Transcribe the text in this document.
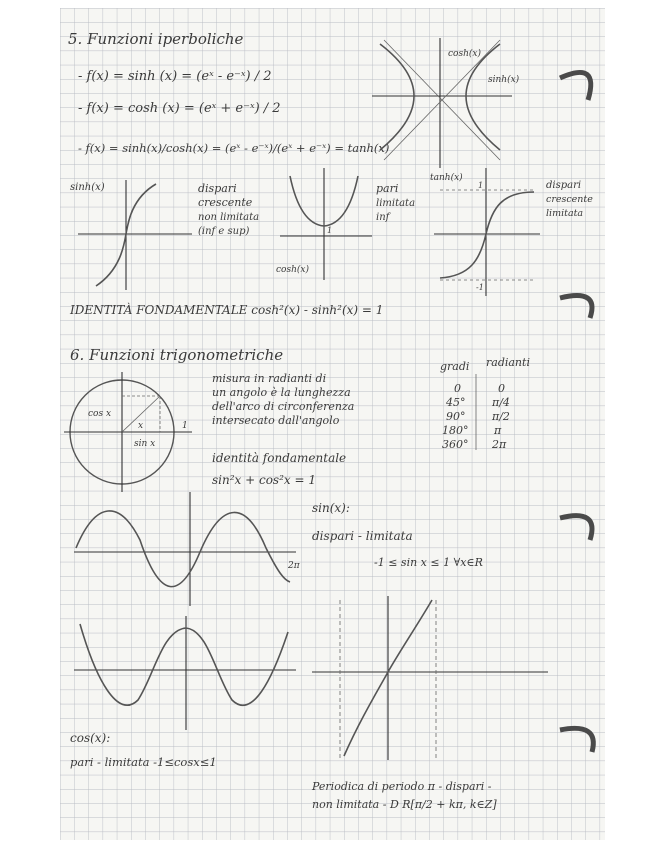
5. Funzioni iperboliche
- f(x) = sinh (x) = (eˣ - e⁻ˣ) / 2
- f(x) = cosh (x) = (eˣ + e⁻ˣ) / 2
- f(x) = sinh(x)/cosh(x) = (eˣ - e⁻ˣ)/(eˣ + e⁻ˣ) = tanh(x)
cosh(x)
sinh(x)
sinh(x)	dispari
crescente
non limitata
(inf e sup)	1
cosh(x)
pari
limitata
inf
tanh(x)
1
-1
dispari
crescente
limitata
IDENTITÀ FONDAMENTALE cosh²(x) - sinh²(x) = 1
6. Funzioni trigonometriche
cos x
sin x
x	1
misura in radianti di
un angolo è la lunghezza
dell'arco di circonferenza
intersecato dall'angolo
gradi radianti
0	0
45° π/4
90° π/2
180° π
360° 2π
identità fondamentale
sin²x + cos²x = 1
2π
sin(x):
dispari - limitata
-1 ≤ sin x ≤ 1 ∀x∈R
cos(x):
pari - limitata -1≤cosx≤1
Periodica di periodo π - dispari -
non limitata - D R[π/2 + kπ, k∈Z]
